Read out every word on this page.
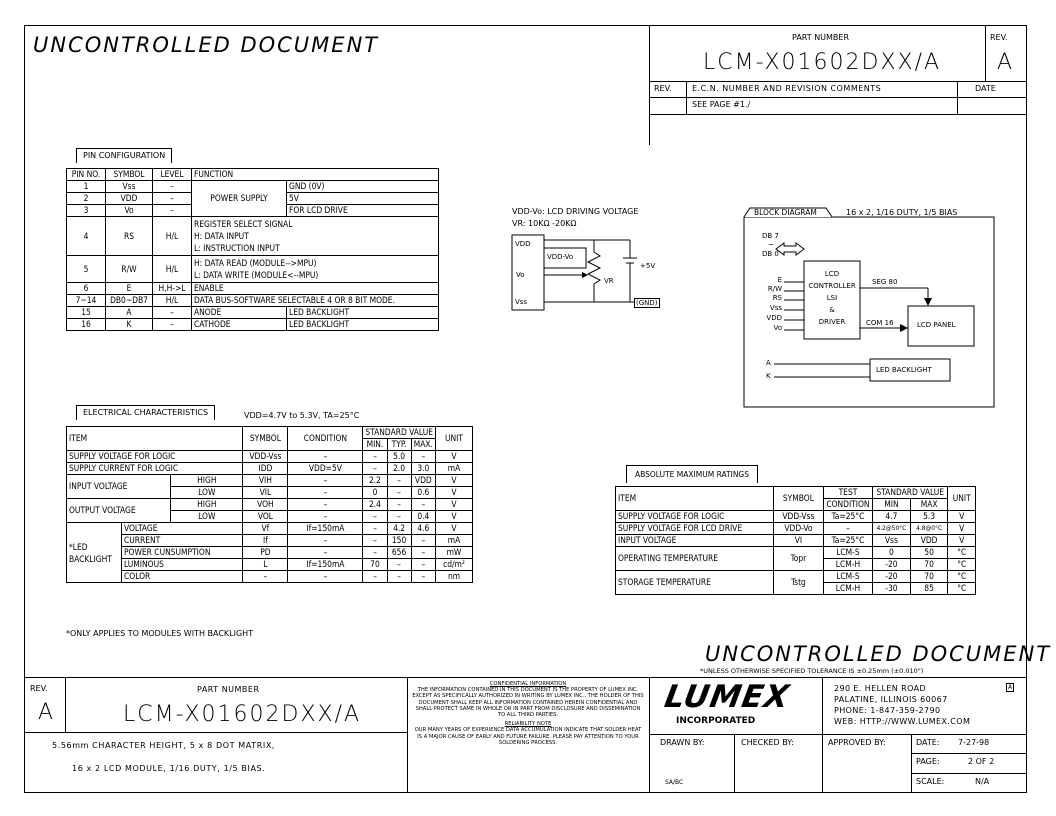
UNCONTROLLED DOCUMENT	PART NUMBER
LCM-X01602DXX/A
REV.
A
REV.	E.C.N. NUMBER AND REVISION COMMENTS	DATE
SEE PAGE #1./
PIN CONFIGURATION
PIN NO.	SYMBOL	LEVEL	FUNCTION	
1	Vss	–	POWER SUPPLY	GND (0V)
2	VDD	–		5V
3	Vo	–		FOR LCD DRIVE
4	RS	H/L	REGISTER SELECT SIGNAL
H: DATA INPUT
L: INSTRUCTION INPUT	
5	R/W	H/L	H: DATA READ (MODULE-->MPU)
L: DATA WRITE (MODULE<--MPU)	
6	E	H,H->L	ENABLE	
7~14	DB0~DB7	H/L	DATA BUS-SOFTWARE SELECTABLE 4 OR 8 BIT MODE.	
15	A	–	ANODE	LED BACKLIGHT
16	K	–	CATHODE	LED BACKLIGHT
VDD-Vo: LCD DRIVING VOLTAGE
VR: 10KΩ -20KΩ
VDD
VDD-Vo
Vo
Vss
VR
+5V
(GND)
BLOCK DIAGRAM	16 x 2, 1/16 DUTY, 1/5 BIAS
DB 7
~
DB 0
E
R/W
RS
Vss
VDD
Vo
A
K
LCD
CONTROLLER
LSI
&
DRIVER
SEG 80
COM 16	LCD PANEL
LED BACKLIGHT
ELECTRICAL CHARACTERISTICS	VDD=4.7V to 5.3V, TA=25°C
ITEM			SYMBOL	CONDITION	STANDARD VALUE			UNIT
					MIN.	TYP.	MAX.	
SUPPLY VOLTAGE FOR LOGIC			VDD-Vss	–	–	5.0	–	V
SUPPLY CURRENT FOR LOGIC			IDD	VDD=5V	–	2.0	3.0	mA
INPUT VOLTAGE		HIGH	VIH	–	2.2	–	VDD	V
		LOW	VIL	–	0	–	0.6	V
OUTPUT VOLTAGE		HIGH	VOH	–	2.4	–	–	V
		LOW	VOL	–	–	–	0.4	V
*LED
BACKLIGHT	VOLTAGE		Vf	If=150mA	–	4.2	4.6	V
	CURRENT		If	–	–	150	–	mA
	POWER CUNSUMPTION		PD	–	–	656	–	mW
	LUMINOUS		L	If=150mA	70	–	–	cd/m²
	COLOR		–	–	–	–	–	nm
*ONLY APPLIES TO MODULES WITH BACKLIGHT
ABSOLUTE MAXIMUM RATINGS
ITEM	SYMBOL	TEST	STANDARD VALUE		UNIT
		CONDITION	MIN	MAX	
SUPPLY VOLTAGE FOR LOGIC	VDD-Vss	Ta=25°C	4.7	5.3	V
SUPPLY VOLTAGE FOR LCD DRIVE	VDD-Vo	–	4.2@50°C	4.8@0°C	V
INPUT VOLTAGE	VI	Ta=25°C	Vss	VDD	V
OPERATING TEMPERATURE	Topr	LCM-S	0	50	°C
		LCM-H	-20	70	°C
STORAGE TEMPERATURE	Tstg	LCM-S	-20	70	°C
		LCM-H	-30	85	°C
UNCONTROLLED DOCUMENT
*UNLESS OTHERWISE SPECIFIED TOLERANCE IS ±0.25mm (±0.010")
REV.
A
PART NUMBER
LCM-X01602DXX/A
5.56mm CHARACTER HEIGHT, 5 x 8 DOT MATRIX,
16 x 2 LCD MODULE, 1/16 DUTY, 1/5 BIAS.
CONFIDENTIAL INFORMATION
THE INFORMATION CONTAINED IN THIS DOCUMENT IS THE PROPERTY OF LUMEX INC. EXCEPT AS SPECIFICALLY AUTHORIZED IN WRITING BY LUMEX INC., THE HOLDER OF THIS DOCUMENT SHALL KEEP ALL INFORMATION CONTAINED HEREIN CONFIDENTIAL AND SHALL PROTECT SAME IN WHOLE OR IN PART FROM DISCLOSURE AND DISSEMINATION TO ALL THIRD PARTIES.
RELIABILITY NOTE
OUR MANY YEARS OF EXPERIENCE DATA ACCUMULATION INDICATE THAT SOLDER HEAT IS A MAJOR CAUSE OF EARLY AND FUTURE FAILURE. PLEASE PAY ATTENTION TO YOUR SOLDERING PROCESS.
LUMEX
INCORPORATED
290 E. HELLEN ROAD
PALATINE, ILLINOIS 60067
PHONE: 1-847-359-2790
WEB: HTTP://WWW.LUMEX.COM
A
DRAWN BY:
SA/BC
CHECKED BY:	APPROVED BY:	DATE: 7-27-98
PAGE:	2 OF 2
SCALE:	N/A
